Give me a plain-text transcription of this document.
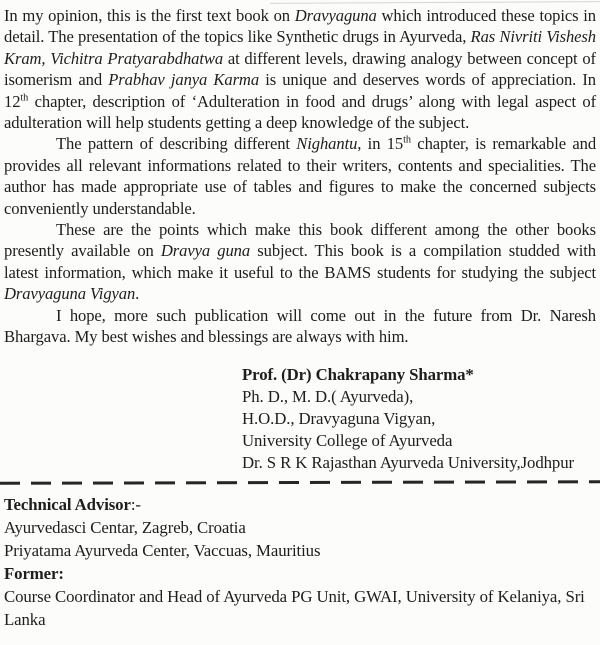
In my opinion, this is the first text book on Dravyaguna which introduced these topics in detail. The presentation of the topics like Synthetic drugs in Ayurveda, Ras Nivriti Vishesh Kram, Vichitra Pratyarabdhatwa at different levels, drawing analogy between concept of isomerism and Prabhav janya Karma is unique and deserves words of appreciation. In 12th chapter, description of ‘Adulteration in food and drugs’ along with legal aspect of adulteration will help students getting a deep knowledge of the subject.

The pattern of describing different Nighantu, in 15th chapter, is remarkable and provides all relevant informations related to their writers, contents and specialities. The author has made appropriate use of tables and figures to make the concerned subjects conveniently understandable.

These are the points which make this book different among the other books presently available on Dravya guna subject. This book is a compilation studded with latest information, which make it useful to the BAMS students for studying the subject Dravyaguna Vigyan.

I hope, more such publication will come out in the future from Dr. Naresh Bhargava. My best wishes and blessings are always with him.

Prof. (Dr) Chakrapany Sharma*
Ph. D., M. D.( Ayurveda),
H.O.D., Dravyaguna Vigyan,
University College of Ayurveda
Dr. S R K Rajasthan Ayurveda University,Jodhpur
Technical Advisor:-
Ayurvedasci Centar, Zagreb, Croatia
Priyatama Ayurveda Center, Vaccuas, Mauritius
Former:
Course Coordinator and Head of Ayurveda PG Unit, GWAI, University of Kelaniya, Sri Lanka
